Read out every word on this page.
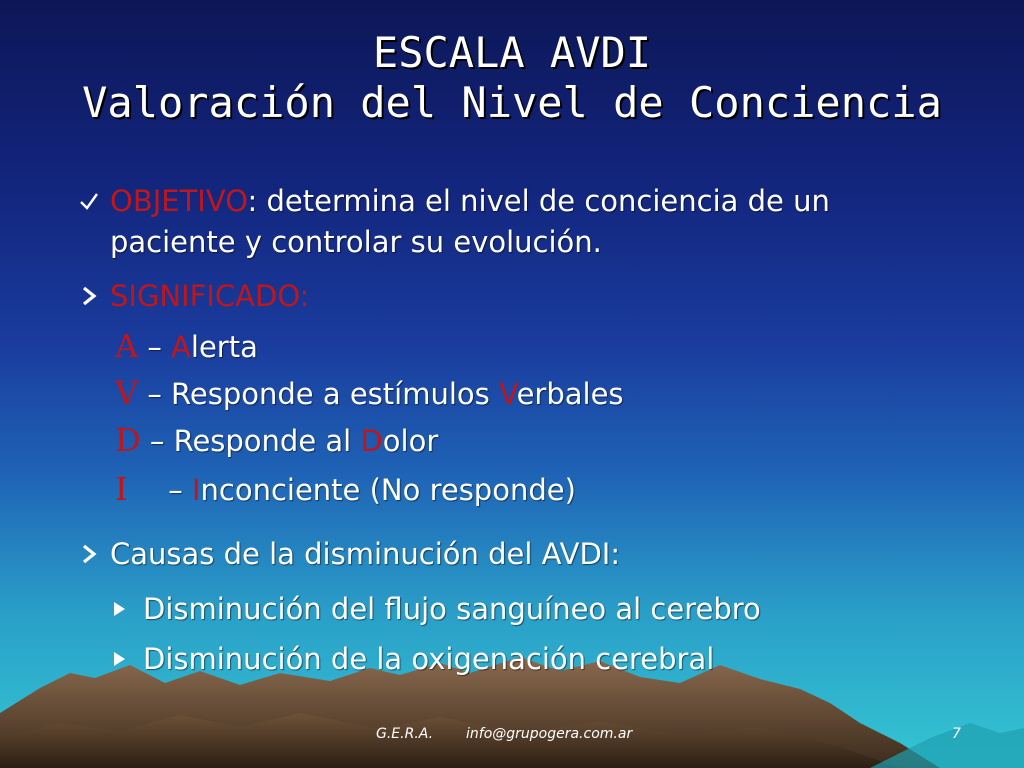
ESCALA AVDI
Valoración del Nivel de Conciencia
OBJETIVO: determina el nivel de conciencia de un
paciente y controlar su evolución.
SIGNIFICADO:
A – Alerta
V – Responde a estímulos Verbales
D – Responde al Dolor
I – Inconciente (No responde)
Causas de la disminución del AVDI:
Disminución del flujo sanguíneo al cerebro
Disminución de la oxigenación cerebral
G.E.R.A. info@grupogera.com.ar	7
